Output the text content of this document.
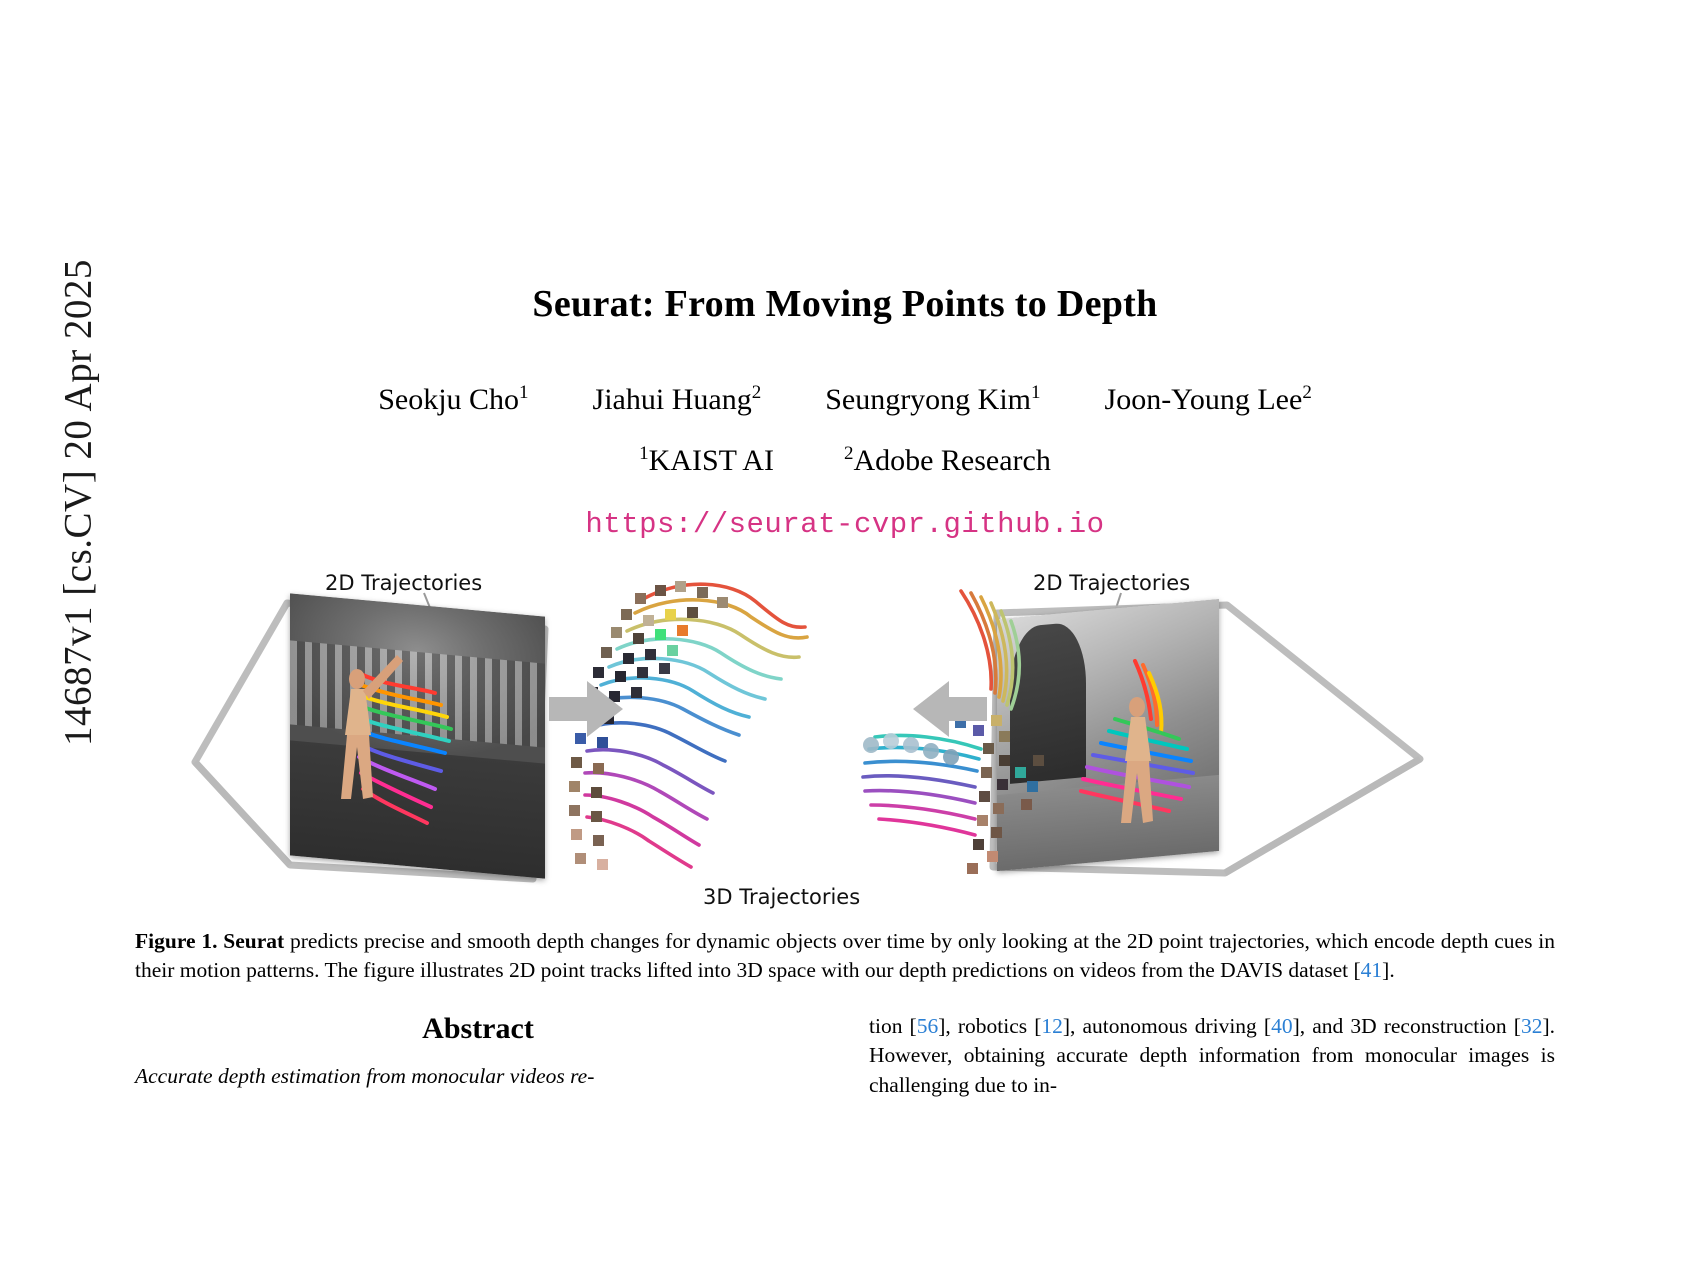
14687v1 [cs.CV] 20 Apr 2025	Seurat: From Moving Points to Depth
Seokju Cho$^1$ Jiahui Huang$^2$ Seungryong Kim$^1$ Joon-Young Lee$^2$
$^1$KAIST AI	$^2$Adobe Research
https://seurat-cvpr.github.io
2D Trajectories	2D Trajectories
3D Trajectories
Figure 1. Seurat predicts precise and smooth depth changes for dynamic objects over time by only looking at the 2D point trajectories, which encode depth cues in their motion patterns. The figure illustrates 2D point tracks lifted into 3D space with our depth predictions on videos from the DAVIS dataset [41].
Abstract
Accurate depth estimation from monocular videos re-
tion [56], robotics [12], autonomous driving [40], and 3D reconstruction [32]. However, obtaining accurate depth information from monocular images is challenging due to in-
